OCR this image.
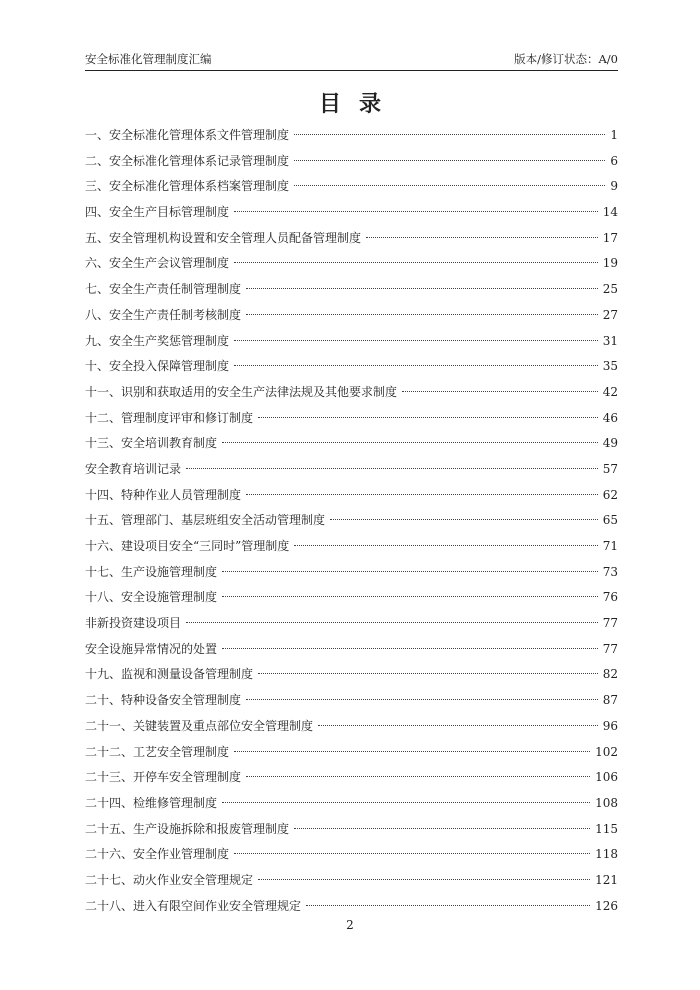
安全标准化管理制度汇编	版本/修订状态：A/0
目录
一、安全标准化管理体系文件管理制度	1
二、安全标准化管理体系记录管理制度	6
三、安全标准化管理体系档案管理制度	9
四、安全生产目标管理制度	14
五、安全管理机构设置和安全管理人员配备管理制度	17
六、安全生产会议管理制度	19
七、安全生产责任制管理制度	25
八、安全生产责任制考核制度	27
九、安全生产奖惩管理制度	31
十、安全投入保障管理制度	35
十一、识别和获取适用的安全生产法律法规及其他要求制度	42
十二、管理制度评审和修订制度	46
十三、安全培训教育制度	49
安全教育培训记录	57
十四、特种作业人员管理制度	62
十五、管理部门、基层班组安全活动管理制度	65
十六、建设项目安全“三同时”管理制度	71
十七、生产设施管理制度	73
十八、安全设施管理制度	76
非新投资建设项目	77
安全设施异常情况的处置	77
十九、监视和测量设备管理制度	82
二十、特种设备安全管理制度	87
二十一、关键装置及重点部位安全管理制度	96
二十二、工艺安全管理制度	102
二十三、开停车安全管理制度	106
二十四、检维修管理制度	108
二十五、生产设施拆除和报废管理制度	115
二十六、安全作业管理制度	118
二十七、动火作业安全管理规定	121
二十八、进入有限空间作业安全管理规定	126
2
